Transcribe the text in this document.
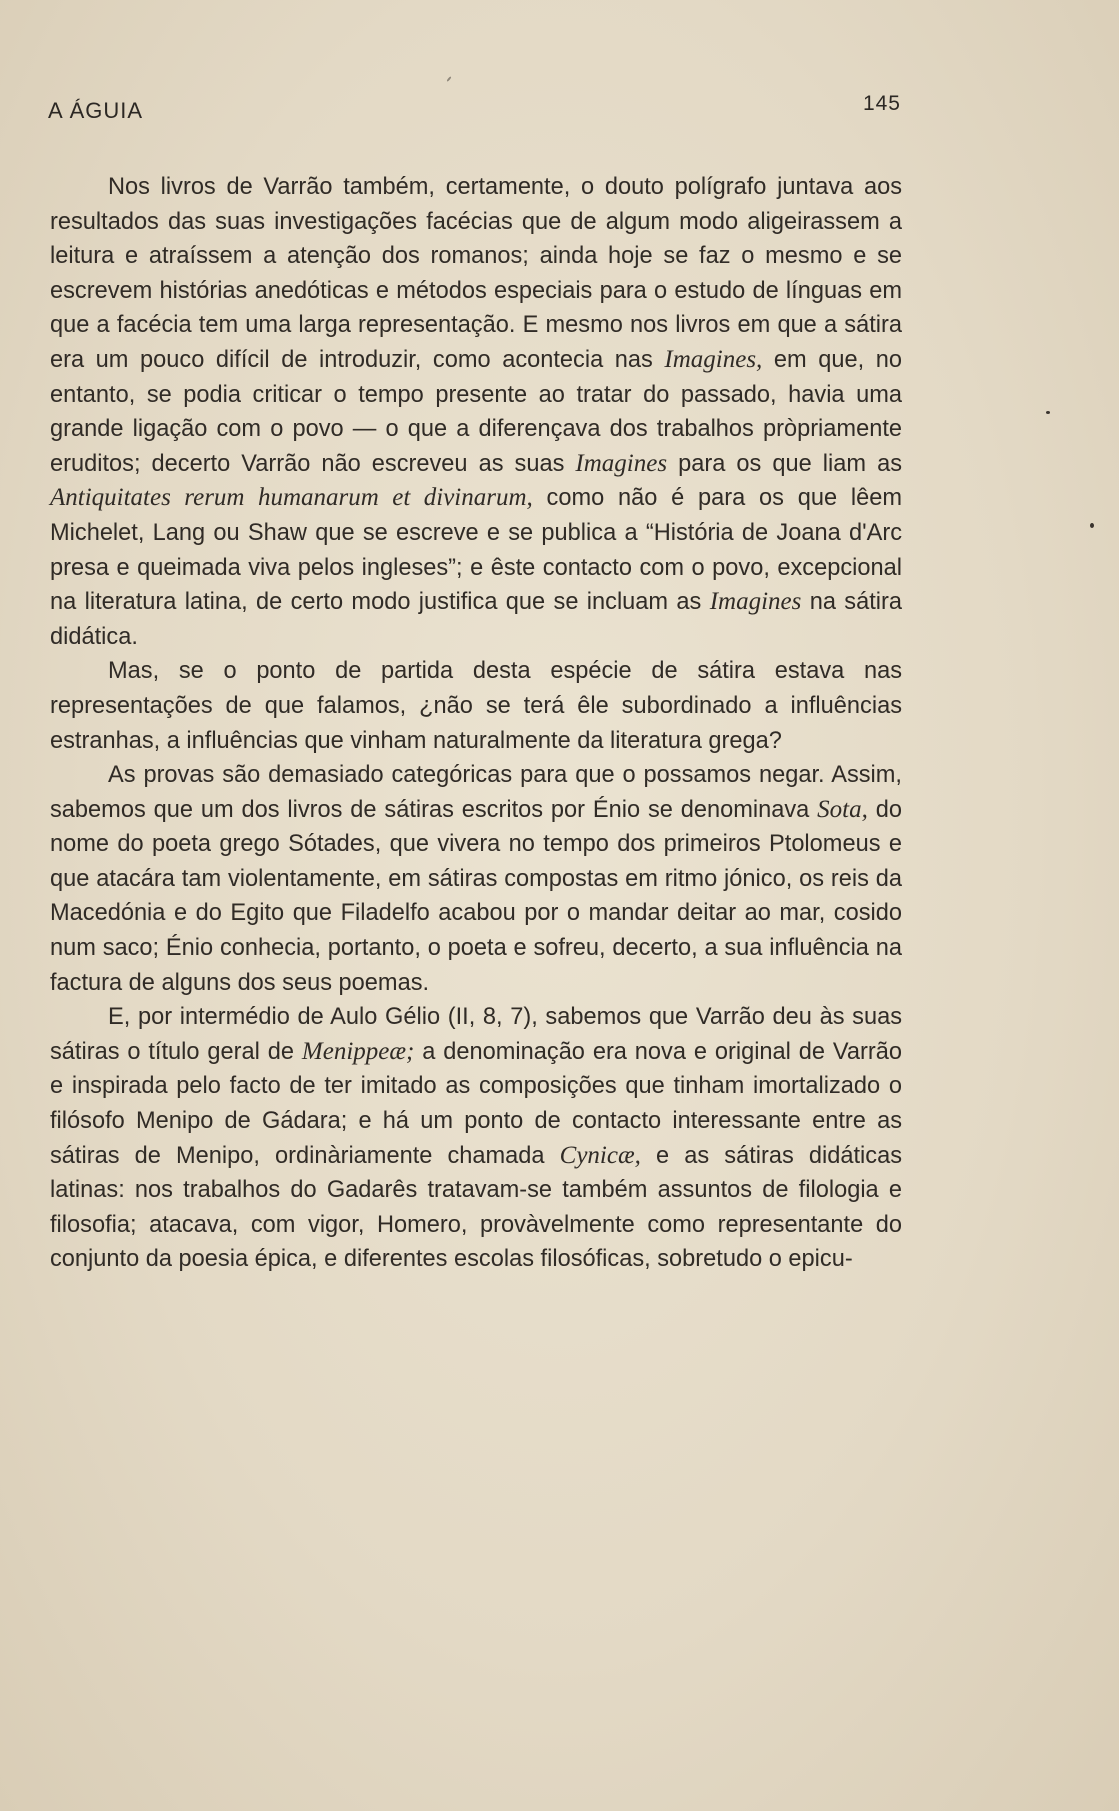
A ÁGUIA	145

Nos livros de Varrão também, certamente, o douto polígrafo juntava aos resultados das suas investigações facécias que de algum modo aligeirassem a leitura e atraíssem a atenção dos romanos; ainda hoje se faz o mesmo e se escrevem histórias anedóticas e métodos especiais para o estudo de línguas em que a facécia tem uma larga representação. E mesmo nos livros em que a sátira era um pouco difícil de introduzir, como acontecia nas Imagines, em que, no entanto, se podia criticar o tempo presente ao tratar do passado, havia uma grande ligação com o povo — o que a diferençava dos trabalhos pròpriamente eruditos; decerto Varrão não escreveu as suas Imagines para os que liam as Antiquitates rerum humanarum et divinarum, como não é para os que lêem Michelet, Lang ou Shaw que se escreve e se publica a “História de Joana d'Arc presa e queimada viva pelos ingleses”; e êste contacto com o povo, excepcional na literatura latina, de certo modo justifica que se incluam as Imagines na sátira didática.

Mas, se o ponto de partida desta espécie de sátira estava nas representações de que falamos, ¿não se terá êle subordinado a influências estranhas, a influências que vinham naturalmente da literatura grega?

As provas são demasiado categóricas para que o possamos negar. Assim, sabemos que um dos livros de sátiras escritos por Énio se denominava Sota, do nome do poeta grego Sótades, que vivera no tempo dos primeiros Ptolomeus e que atacára tam violentamente, em sátiras compostas em ritmo jónico, os reis da Macedónia e do Egito que Filadelfo acabou por o mandar deitar ao mar, cosido num saco; Énio conhecia, portanto, o poeta e sofreu, decerto, a sua influência na factura de alguns dos seus poemas.

E, por intermédio de Aulo Gélio (II, 8, 7), sabemos que Varrão deu às suas sátiras o título geral de Menippeæ; a denominação era nova e original de Varrão e inspirada pelo facto de ter imitado as composições que tinham imortalizado o filósofo Menipo de Gádara; e há um ponto de contacto interessante entre as sátiras de Menipo, ordinàriamente chamada Cynicæ, e as sátiras didáticas latinas: nos trabalhos do Gadarês tratavam-se também assuntos de filologia e filosofia; atacava, com vigor, Homero, provàvelmente como representante do conjunto da poesia épica, e diferentes escolas filosóficas, sobretudo o epicu-
